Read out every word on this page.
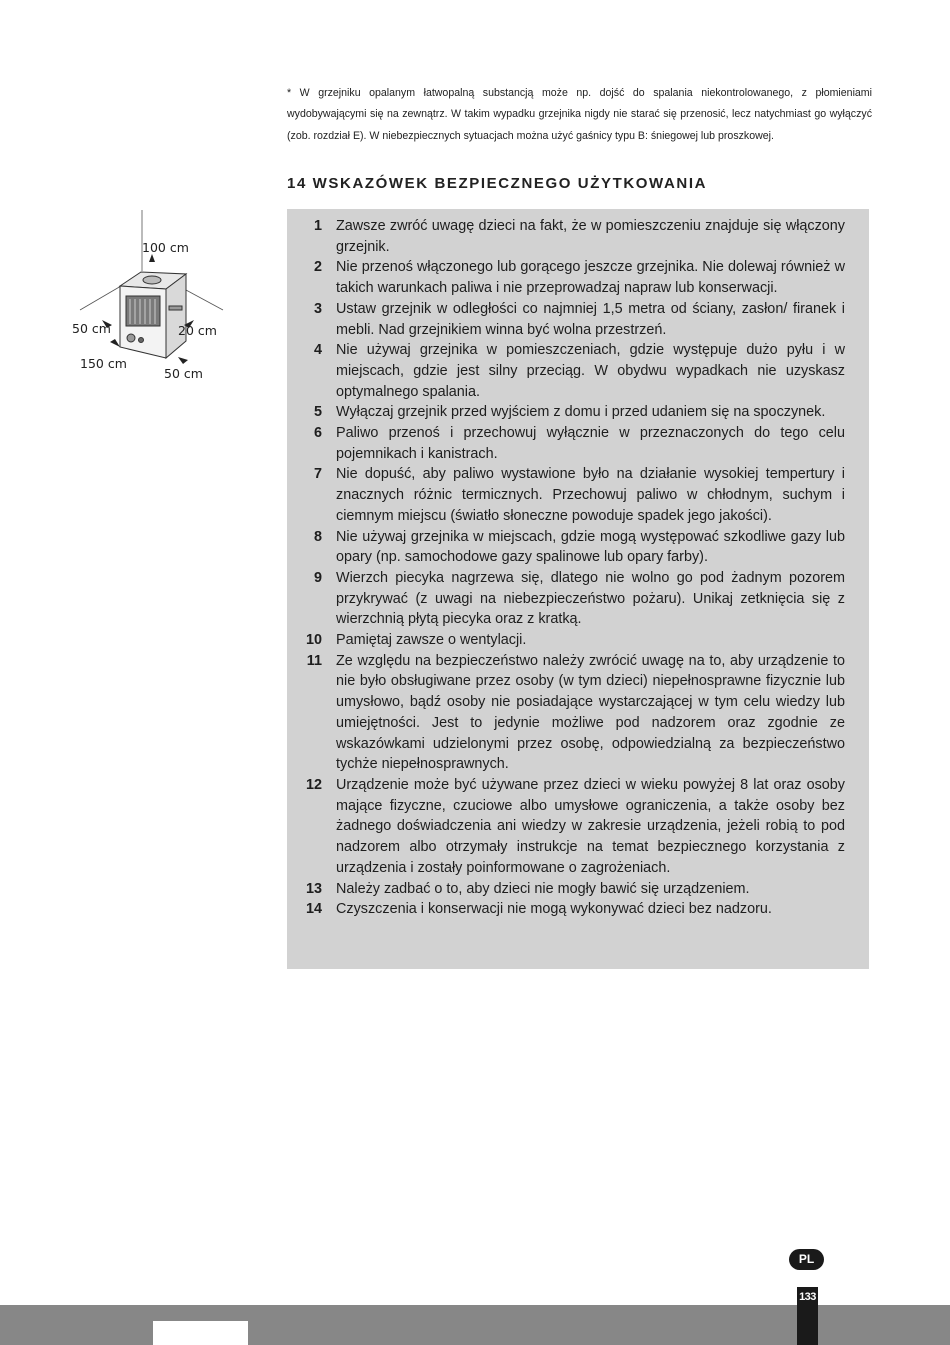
* W grzejniku opalanym łatwopalną substancją może np. dojść do spalania niekontrolowanego, z płomieniami wydobywającymi się na zewnątrz. W takim wypadku grzejnika nigdy nie starać się przenosić, lecz natychmiast go wyłączyć (zob. rozdział E). W niebezpiecznych sytuacjach można użyć gaśnicy typu B: śniegowej lub proszkowej.

14 WSKAZÓWEK BEZPIECZNEGO UŻYTKOWANIA
100 cm
50 cm	20 cm
150 cm
50 cm
1 Zawsze zwróć uwagę dzieci na fakt, że w pomieszczeniu znajduje się włączony grzejnik.
2 Nie przenoś włączonego lub gorącego jeszcze grzejnika. Nie dolewaj również w takich warunkach paliwa i nie przeprowadzaj napraw lub konserwacji.
3 Ustaw grzejnik w odległości co najmniej 1,5 metra od ściany, zasłon/ firanek i mebli. Nad grzejnikiem winna być wolna przestrzeń.
4 Nie używaj grzejnika w pomieszczeniach, gdzie występuje dużo pyłu i w miejscach, gdzie jest silny przeciąg. W obydwu wypadkach nie uzyskasz optymalnego spalania.
5 Wyłączaj grzejnik przed wyjściem z domu i przed udaniem się na spoczynek.
6 Paliwo przenoś i przechowuj wyłącznie w przeznaczonych do tego celu pojemnikach i kanistrach.
7 Nie dopuść, aby paliwo wystawione było na działanie wysokiej tempertury i znacznych różnic termicznych. Przechowuj paliwo w chłodnym, suchym i ciemnym miejscu (światło słoneczne powoduje spadek jego jakości).
8 Nie używaj grzejnika w miejscach, gdzie mogą występować szkodliwe gazy lub opary (np. samochodowe gazy spalinowe lub opary farby).
9 Wierzch piecyka nagrzewa się, dlatego nie wolno go pod żadnym pozorem przykrywać (z uwagi na niebezpieczeństwo pożaru). Unikaj zetknięcia się z wierzchnią płytą piecyka oraz z kratką.
10 Pamiętaj zawsze o wentylacji.
11 Ze względu na bezpieczeństwo należy zwrócić uwagę na to, aby urządzenie to nie było obsługiwane przez osoby (w tym dzieci) niepełnosprawne fizycznie lub umysłowo, bądź osoby nie posiadające wystarczającej w tym celu wiedzy lub umiejętności. Jest to jedynie możliwe pod nadzorem oraz zgodnie ze wskazówkami udzielonymi przez osobę, odpowiedzialną za bezpieczeństwo tychże niepełnosprawnych.
12 Urządzenie może być używane przez dzieci w wieku powyżej 8 lat oraz osoby mające fizyczne, czuciowe albo umysłowe ograniczenia, a także osoby bez żadnego doświadczenia ani wiedzy w zakresie urządzenia, jeżeli robią to pod nadzorem albo otrzymały instrukcje na temat bezpiecznego korzystania z urządzenia i zostały poinformowane o zagrożeniach.
13 Należy zadbać o to, aby dzieci nie mogły bawić się urządzeniem.
14 Czyszczenia i konserwacji nie mogą wykonywać dzieci bez nadzoru.
PL
133
